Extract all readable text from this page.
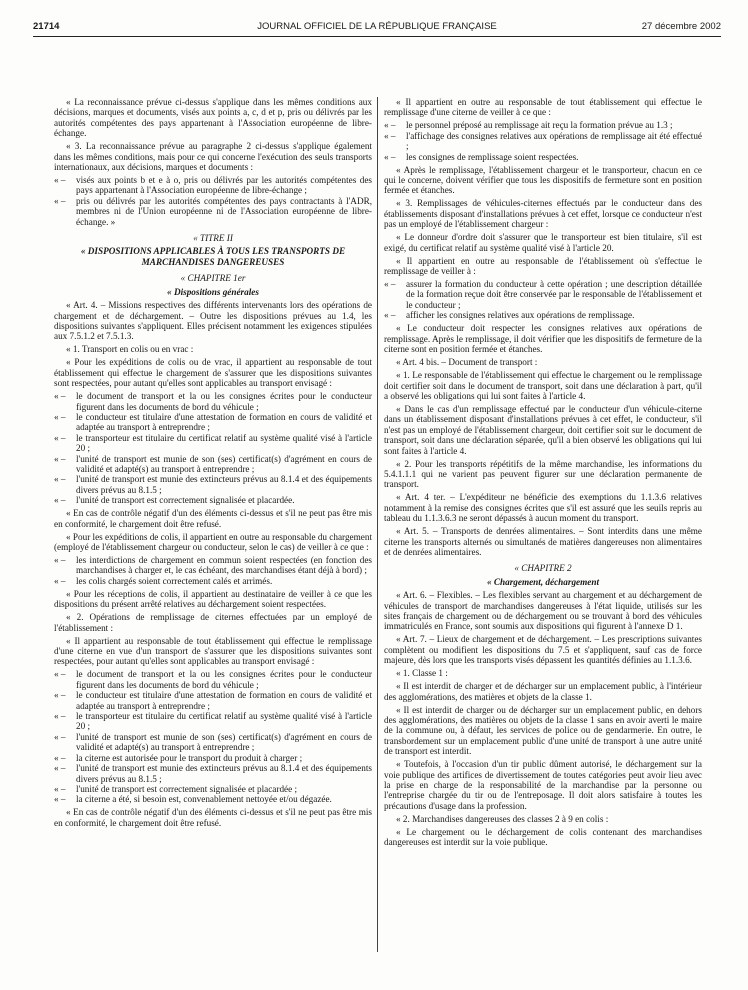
21714	JOURNAL OFFICIEL DE LA RÉPUBLIQUE FRANÇAISE	27 décembre 2002

« La reconnaissance prévue ci-dessus s'applique dans les mêmes conditions aux décisions, marques et documents, visés aux points a, c, d et p, pris ou délivrés par les autorités compétentes des pays appartenant à l'Association européenne de libre-échange.

« 3. La reconnaissance prévue au paragraphe 2 ci-dessus s'applique également dans les mêmes conditions, mais pour ce qui concerne l'exécution des seuls transports internationaux, aux décisions, marques et documents :

« – visés aux points b et e à o, pris ou délivrés par les autorités compétentes des pays appartenant à l'Association européenne de libre-échange ;
« – pris ou délivrés par les autorités compétentes des pays contractants à l'ADR, membres ni de l'Union européenne ni de l'Association européenne de libre-échange. »

« TITRE II

« DISPOSITIONS APPLICABLES À TOUS LES TRANSPORTS DE MARCHANDISES DANGEREUSES

« CHAPITRE 1er

« Dispositions générales

« Art. 4. – Missions respectives des différents intervenants lors des opérations de chargement et de déchargement. – Outre les dispositions prévues au 1.4, les dispositions suivantes s'appliquent. Elles précisent notamment les exigences stipulées aux 7.5.1.2 et 7.5.1.3.

« 1. Transport en colis ou en vrac :

« Pour les expéditions de colis ou de vrac, il appartient au responsable de tout établissement qui effectue le chargement de s'assurer que les dispositions suivantes sont respectées, pour autant qu'elles sont applicables au transport envisagé :

« – le document de transport et la ou les consignes écrites pour le conducteur figurent dans les documents de bord du véhicule ;
« – le conducteur est titulaire d'une attestation de formation en cours de validité et adaptée au transport à entreprendre ;
« – le transporteur est titulaire du certificat relatif au système qualité visé à l'article 20 ;
« – l'unité de transport est munie de son (ses) certificat(s) d'agrément en cours de validité et adapté(s) au transport à entreprendre ;
« – l'unité de transport est munie des extincteurs prévus au 8.1.4 et des équipements divers prévus au 8.1.5 ;
« – l'unité de transport est correctement signalisée et placardée.

« En cas de contrôle négatif d'un des éléments ci-dessus et s'il ne peut pas être mis en conformité, le chargement doit être refusé.

« Pour les expéditions de colis, il appartient en outre au responsable du chargement (employé de l'établissement chargeur ou conducteur, selon le cas) de veiller à ce que :

« – les interdictions de chargement en commun soient respectées (en fonction des marchandises à charger et, le cas échéant, des marchandises étant déjà à bord) ;
« – les colis chargés soient correctement calés et arrimés.

« Pour les réceptions de colis, il appartient au destinataire de veiller à ce que les dispositions du présent arrêté relatives au déchargement soient respectées.

« 2. Opérations de remplissage de citernes effectuées par un employé de l'établissement :

« Il appartient au responsable de tout établissement qui effectue le remplissage d'une citerne en vue d'un transport de s'assurer que les dispositions suivantes sont respectées, pour autant qu'elles sont applicables au transport envisagé :

« – le document de transport et la ou les consignes écrites pour le conducteur figurent dans les documents de bord du véhicule ;
« – le conducteur est titulaire d'une attestation de formation en cours de validité et adaptée au transport à entreprendre ;
« – le transporteur est titulaire du certificat relatif au système qualité visé à l'article 20 ;
« – l'unité de transport est munie de son (ses) certificat(s) d'agrément en cours de validité et adapté(s) au transport à entreprendre ;
« – la citerne est autorisée pour le transport du produit à charger ;
« – l'unité de transport est munie des extincteurs prévus au 8.1.4 et des équipements divers prévus au 8.1.5 ;
« – l'unité de transport est correctement signalisée et placardée ;
« – la citerne a été, si besoin est, convenablement nettoyée et/ou dégazée.

« En cas de contrôle négatif d'un des éléments ci-dessus et s'il ne peut pas être mis en conformité, le chargement doit être refusé.

« Il appartient en outre au responsable de tout établissement qui effectue le remplissage d'une citerne de veiller à ce que :

« – le personnel préposé au remplissage ait reçu la formation prévue au 1.3 ;
« – l'affichage des consignes relatives aux opérations de remplissage ait été effectué ;
« – les consignes de remplissage soient respectées.

« Après le remplissage, l'établissement chargeur et le transporteur, chacun en ce qui le concerne, doivent vérifier que tous les dispositifs de fermeture sont en position fermée et étanches.

« 3. Remplissages de véhicules-citernes effectués par le conducteur dans des établissements disposant d'installations prévues à cet effet, lorsque ce conducteur n'est pas un employé de l'établissement chargeur :

« Le donneur d'ordre doit s'assurer que le transporteur est bien titulaire, s'il est exigé, du certificat relatif au système qualité visé à l'article 20.

« Il appartient en outre au responsable de l'établissement où s'effectue le remplissage de veiller à :

« – assurer la formation du conducteur à cette opération ; une description détaillée de la formation reçue doit être conservée par le responsable de l'établissement et le conducteur ;
« – afficher les consignes relatives aux opérations de remplissage.

« Le conducteur doit respecter les consignes relatives aux opérations de remplissage. Après le remplissage, il doit vérifier que les dispositifs de fermeture de la citerne sont en position fermée et étanches.

« Art. 4 bis. – Document de transport :

« 1. Le responsable de l'établissement qui effectue le chargement ou le remplissage doit certifier soit dans le document de transport, soit dans une déclaration à part, qu'il a observé les obligations qui lui sont faites à l'article 4.

« Dans le cas d'un remplissage effectué par le conducteur d'un véhicule-citerne dans un établissement disposant d'installations prévues à cet effet, le conducteur, s'il n'est pas un employé de l'établissement chargeur, doit certifier soit sur le document de transport, soit dans une déclaration séparée, qu'il a bien observé les obligations qui lui sont faites à l'article 4.

« 2. Pour les transports répétitifs de la même marchandise, les informations du 5.4.1.1.1 qui ne varient pas peuvent figurer sur une déclaration permanente de transport.

« Art. 4 ter. – L'expéditeur ne bénéficie des exemptions du 1.1.3.6 relatives notamment à la remise des consignes écrites que s'il est assuré que les seuils repris au tableau du 1.1.3.6.3 ne seront dépassés à aucun moment du transport.

« Art. 5. – Transports de denrées alimentaires. – Sont interdits dans une même citerne les transports alternés ou simultanés de matières dangereuses non alimentaires et de denrées alimentaires.

« CHAPITRE 2

« Chargement, déchargement

« Art. 6. – Flexibles. – Les flexibles servant au chargement et au déchargement de véhicules de transport de marchandises dangereuses à l'état liquide, utilisés sur les sites français de chargement ou de déchargement ou se trouvant à bord des véhicules immatriculés en France, sont soumis aux dispositions qui figurent à l'annexe D 1.

« Art. 7. – Lieux de chargement et de déchargement. – Les prescriptions suivantes complètent ou modifient les dispositions du 7.5 et s'appliquent, sauf cas de force majeure, dès lors que les transports visés dépassent les quantités définies au 1.1.3.6.

« 1. Classe 1 :

« Il est interdit de charger et de décharger sur un emplacement public, à l'intérieur des agglomérations, des matières et objets de la classe 1.

« Il est interdit de charger ou de décharger sur un emplacement public, en dehors des agglomérations, des matières ou objets de la classe 1 sans en avoir averti le maire de la commune ou, à défaut, les services de police ou de gendarmerie. En outre, le transbordement sur un emplacement public d'une unité de transport à une autre unité de transport est interdit.

« Toutefois, à l'occasion d'un tir public dûment autorisé, le déchargement sur la voie publique des artifices de divertissement de toutes catégories peut avoir lieu avec la prise en charge de la responsabilité de la marchandise par la personne ou l'entreprise chargée du tir ou de l'entreposage. Il doit alors satisfaire à toutes les précautions d'usage dans la profession.

« 2. Marchandises dangereuses des classes 2 à 9 en colis :

« Le chargement ou le déchargement de colis contenant des marchandises dangereuses est interdit sur la voie publique.
